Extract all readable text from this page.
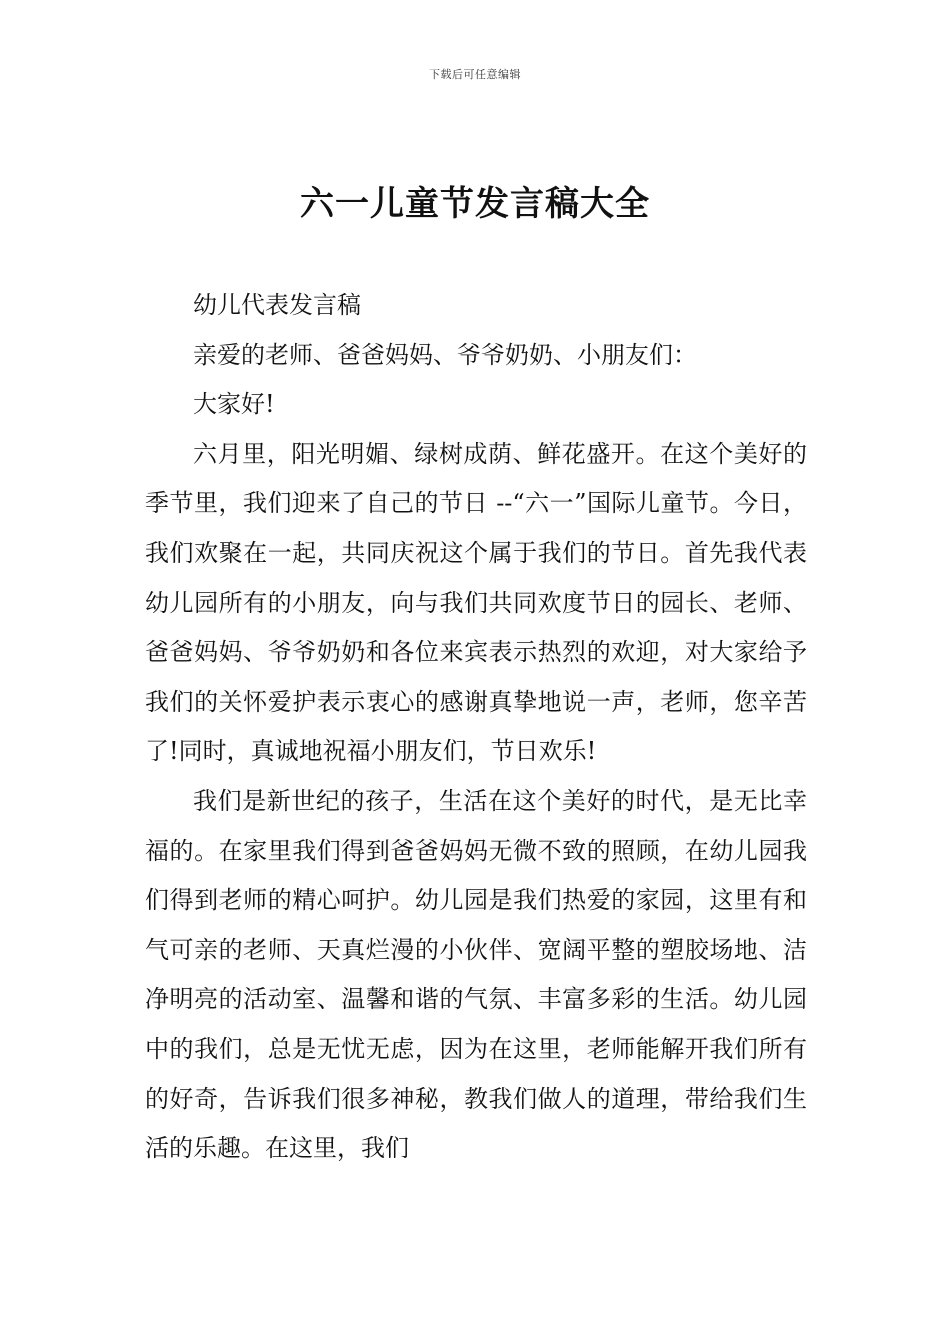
下载后可任意编辑
六一儿童节发言稿大全

幼儿代表发言稿

亲爱的老师、爸爸妈妈、爷爷奶奶、小朋友们：

大家好!

六月里，阳光明媚、绿树成荫、鲜花盛开。在这个美好的季节里，我们迎来了自己的节日 --“六一”国际儿童节。今日，我们欢聚在一起，共同庆祝这个属于我们的节日。首先我代表幼儿园所有的小朋友，向与我们共同欢度节日的园长、老师、爸爸妈妈、爷爷奶奶和各位来宾表示热烈的欢迎，对大家给予我们的关怀爱护表示衷心的感谢真挚地说一声，老师，您辛苦了!同时，真诚地祝福小朋友们，节日欢乐!

我们是新世纪的孩子，生活在这个美好的时代，是无比幸福的。在家里我们得到爸爸妈妈无微不致的照顾，在幼儿园我们得到老师的精心呵护。幼儿园是我们热爱的家园，这里有和气可亲的老师、天真烂漫的小伙伴、宽阔平整的塑胶场地、洁净明亮的活动室、温馨和谐的气氛、丰富多彩的生活。幼儿园中的我们，总是无忧无虑，因为在这里，老师能解开我们所有的好奇，告诉我们很多神秘，教我们做人的道理，带给我们生活的乐趣。在这里，我们
